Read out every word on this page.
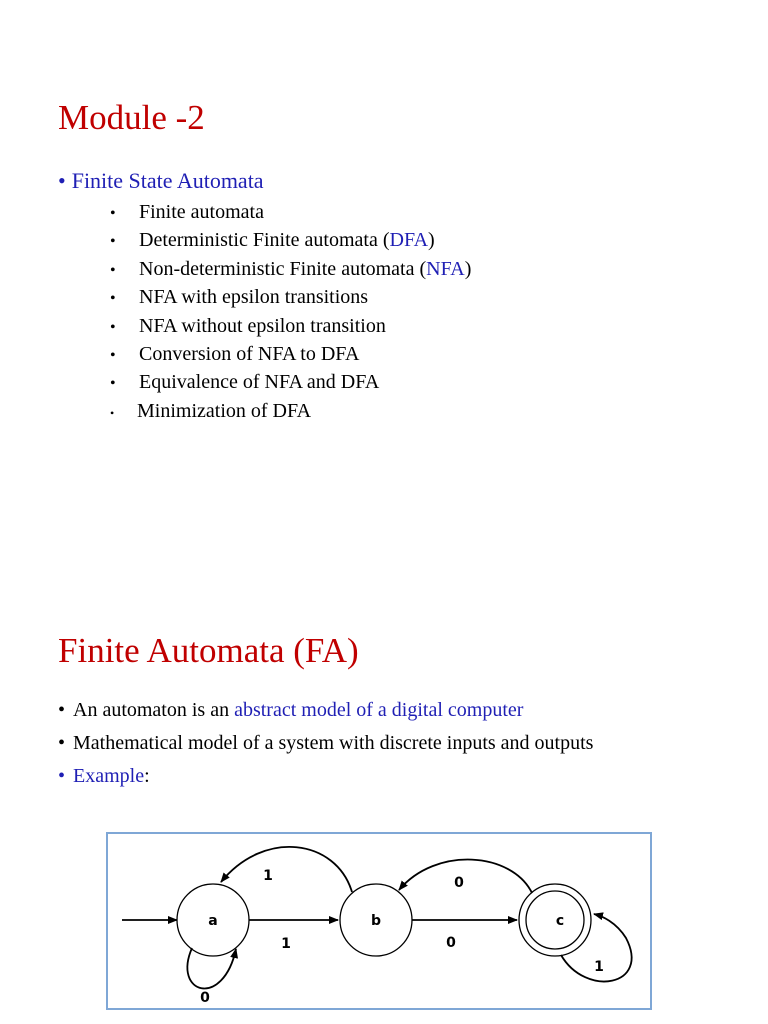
Module -2
• Finite State Automata
• Finite automata
• Deterministic Finite automata (DFA)
• Non-deterministic Finite automata (NFA)
• NFA with epsilon transitions
• NFA without epsilon transition
• Conversion of NFA to DFA
• Equivalence of NFA and DFA
• Minimization of DFA
Finite Automata (FA)
• An automaton is an abstract model of a digital computer
• Mathematical model of a system with discrete inputs and outputs
• Example:
a	b	c
1
1
0
0
0
1
